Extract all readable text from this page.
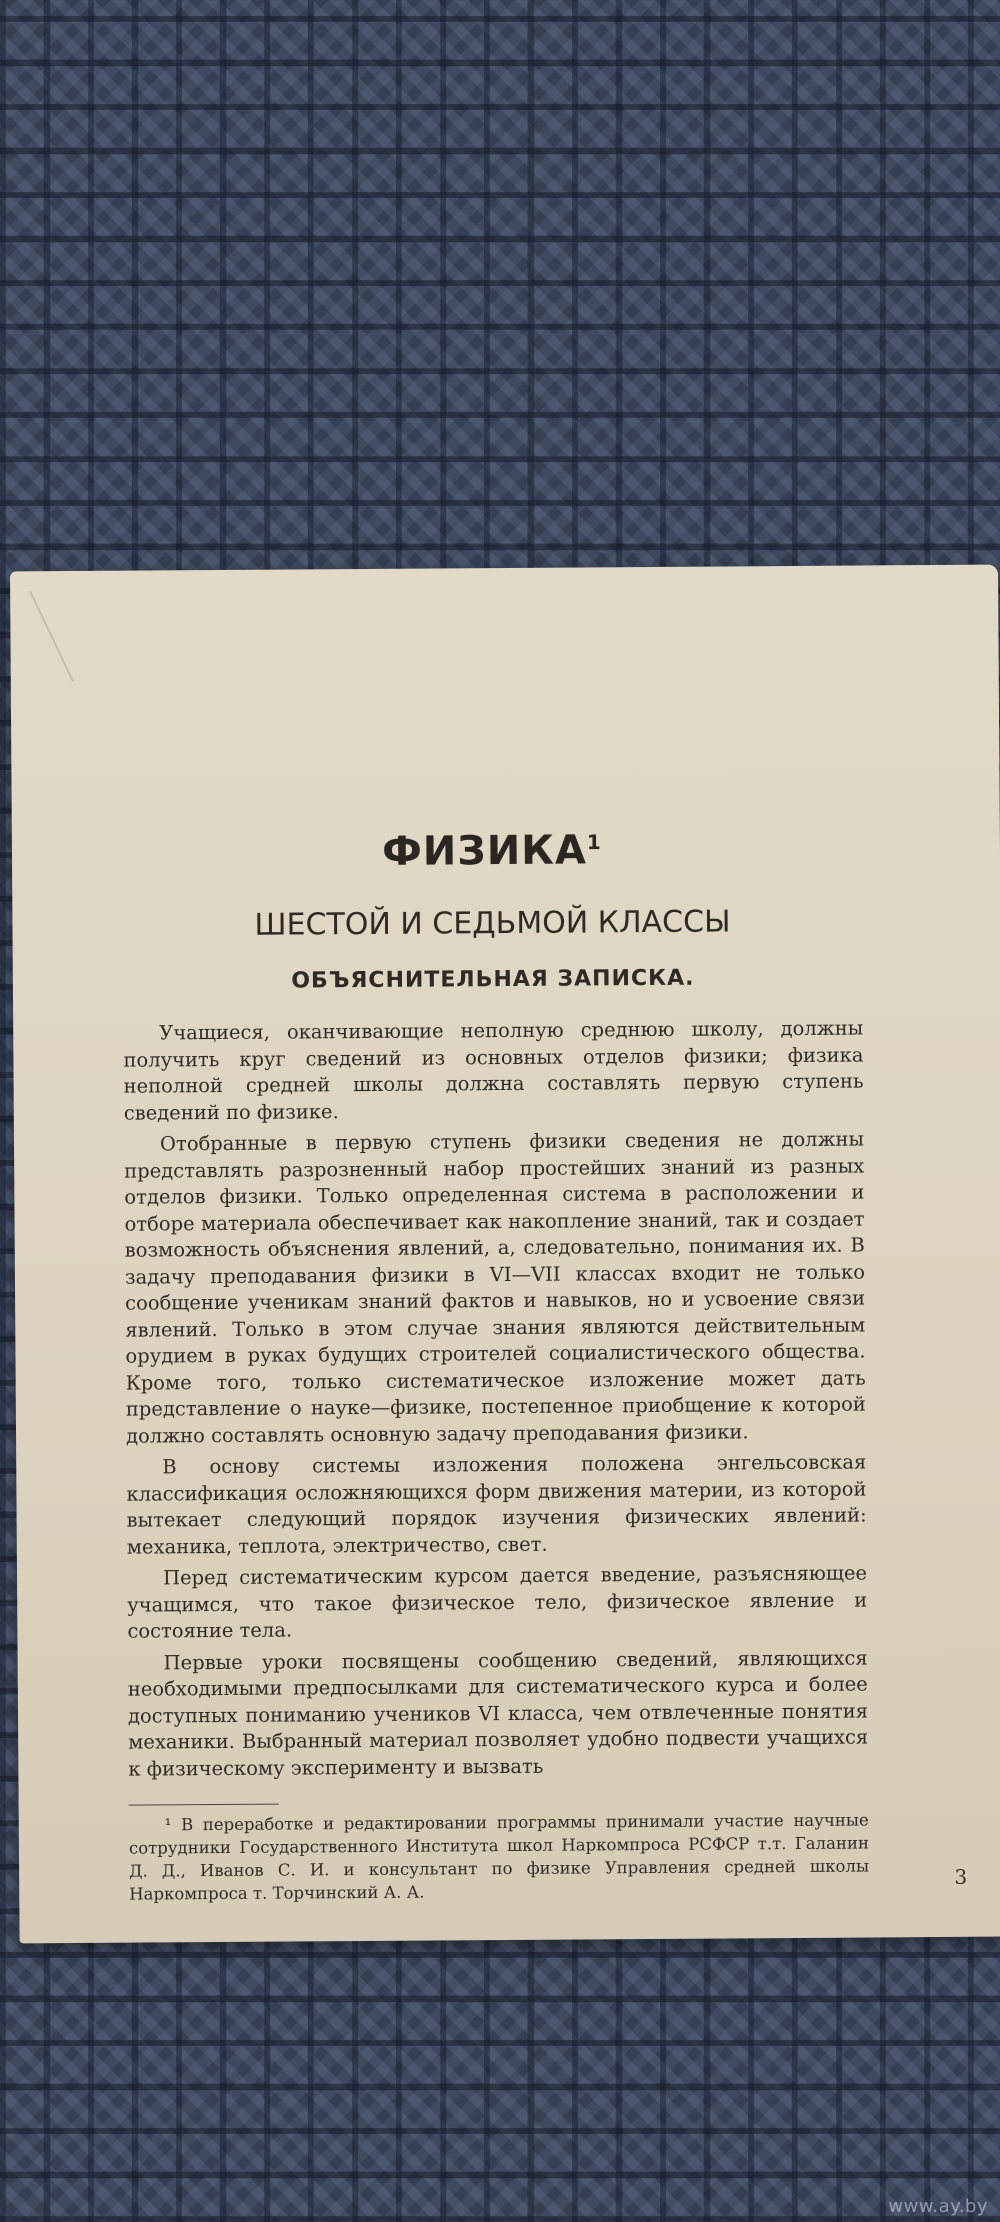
ФИЗИКА$^1$
ШЕСТОЙ И СЕДЬМОЙ КЛАССЫ
ОБЪЯСНИТЕЛЬНАЯ ЗАПИСКА.

Учащиеся, оканчивающие неполную среднюю школу, должны получить круг сведений из основных отделов физики; физика неполной средней школы должна составлять первую ступень сведений по физике.

Отобранные в первую ступень физики сведения не должны представлять разрозненный набор простейших знаний из разных отделов физики. Только определенная система в расположении и отборе материала обеспечивает как накопление знаний, так и создает возможность объяснения явлений, а, следовательно, понимания их. В задачу преподавания физики в VI—VII классах входит не только сообщение ученикам знаний фактов и навыков, но и усвоение связи явлений. Только в этом случае знания являются действительным орудием в руках будущих строителей социалистического общества. Кроме того, только систематическое изложение может дать представление о науке—физике, постепенное приобщение к которой должно составлять основную задачу преподавания физики.

В основу системы изложения положена энгельсовская классификация осложняющихся форм движения материи, из которой вытекает следующий порядок изучения физических явлений: механика, теплота, электричество, свет.

Перед систематическим курсом дается введение, разъясняющее учащимся, что такое физическое тело, физическое явление и состояние тела.

Первые уроки посвящены сообщению сведений, являющихся необходимыми предпосылками для систематического курса и более доступных пониманию учеников VI класса, чем отвлеченные понятия механики. Выбранный материал позволяет удобно подвести учащихся к физическому эксперименту и вызвать

¹ В переработке и редактировании программы принимали участие научные сотрудники Государственного Института школ Наркомпроса РСФСР т.т. Галанин Д. Д., Иванов С. И. и консультант по физике Управления средней школы Наркомпроса т. Торчинский А. А.
3
www.ay.by
